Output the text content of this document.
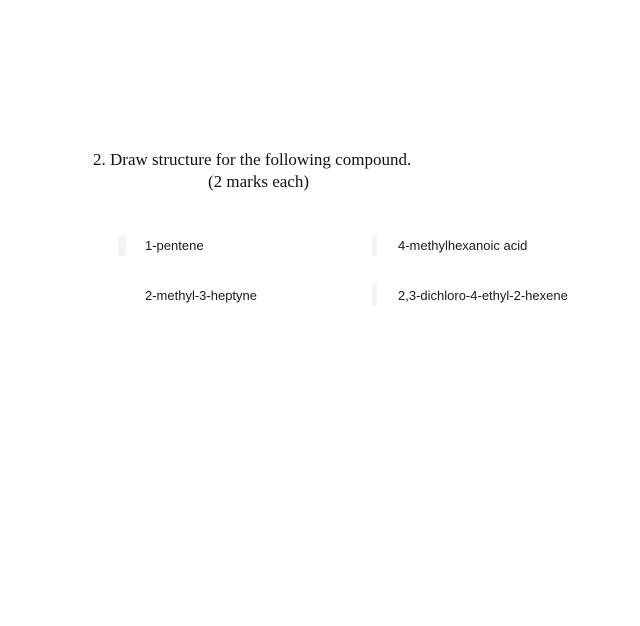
2. Draw structure for the following compound.
(2 marks each)
1-pentene	4-methylhexanoic acid
2-methyl-3-heptyne	2,3-dichloro-4-ethyl-2-hexene
